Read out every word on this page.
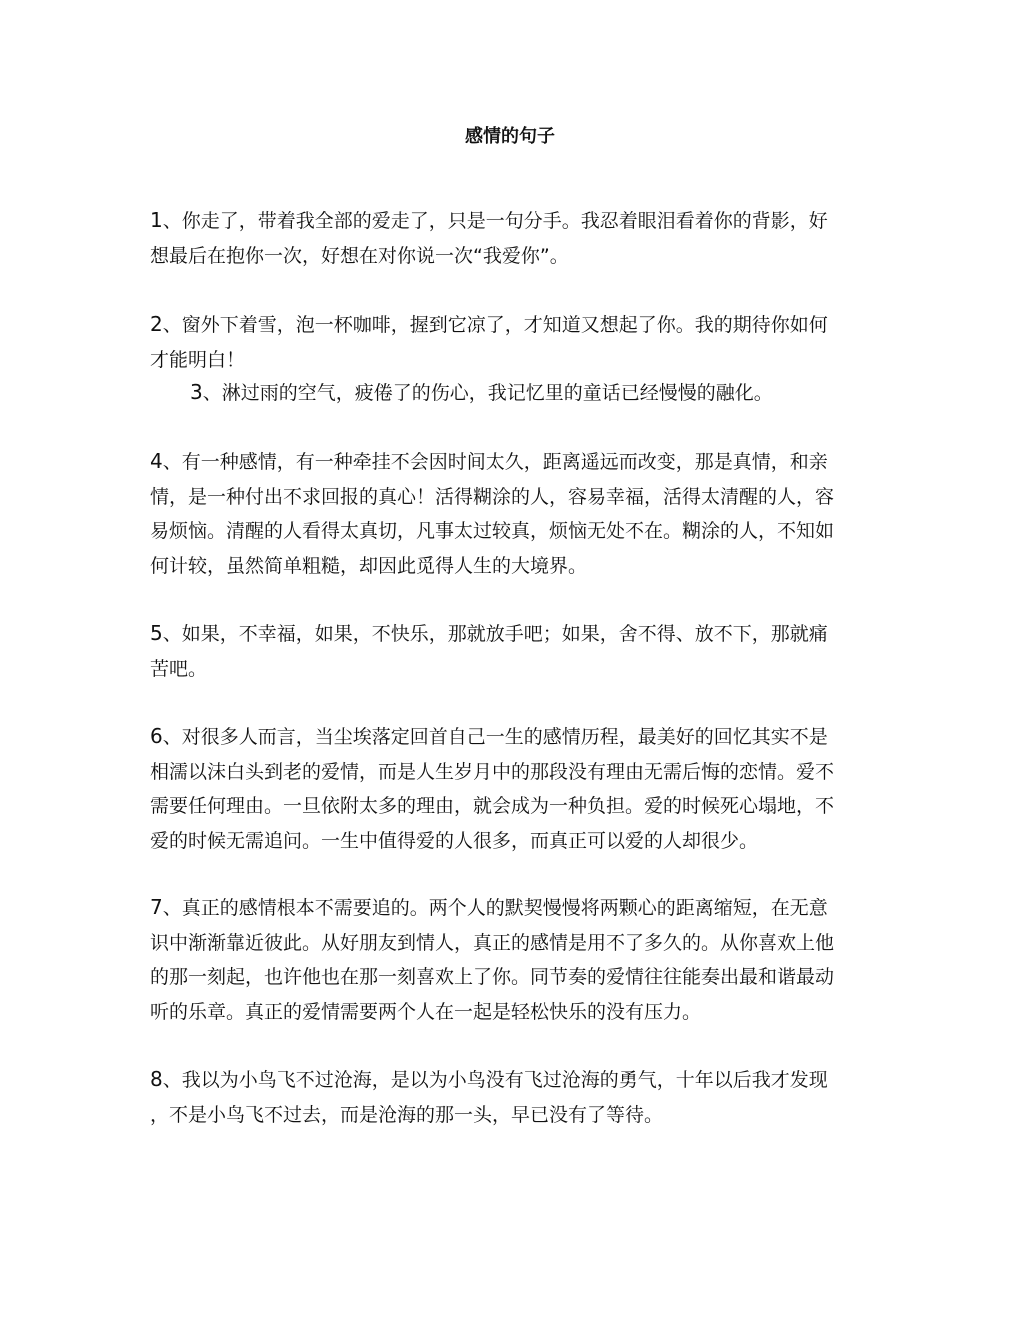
感情的句子

1、你走了，带着我全部的爱走了，只是一句分手。我忍着眼泪看着你的背影，好
想最后在抱你一次，好想在对你说一次“我爱你”。

2、窗外下着雪，泡一杯咖啡，握到它凉了，才知道又想起了你。我的期待你如何
才能明白！

3、淋过雨的空气，疲倦了的伤心，我记忆里的童话已经慢慢的融化。

4、有一种感情，有一种牵挂不会因时间太久，距离遥远而改变，那是真情，和亲
情，是一种付出不求回报的真心！活得糊涂的人，容易幸福，活得太清醒的人，容
易烦恼。清醒的人看得太真切，凡事太过较真，烦恼无处不在。糊涂的人，不知如
何计较，虽然简单粗糙，却因此觅得人生的大境界。

5、如果，不幸福，如果，不快乐，那就放手吧；如果，舍不得、放不下，那就痛
苦吧。

6、对很多人而言，当尘埃落定回首自己一生的感情历程，最美好的回忆其实不是
相濡以沫白头到老的爱情，而是人生岁月中的那段没有理由无需后悔的恋情。爱不
需要任何理由。一旦依附太多的理由，就会成为一种负担。爱的时候死心塌地，不
爱的时候无需追问。一生中值得爱的人很多，而真正可以爱的人却很少。

7、真正的感情根本不需要追的。两个人的默契慢慢将两颗心的距离缩短，在无意
识中渐渐靠近彼此。从好朋友到情人，真正的感情是用不了多久的。从你喜欢上他
的那一刻起，也许他也在那一刻喜欢上了你。同节奏的爱情往往能奏出最和谐最动
听的乐章。真正的爱情需要两个人在一起是轻松快乐的没有压力。

8、我以为小鸟飞不过沧海，是以为小鸟没有飞过沧海的勇气，十年以后我才发现
，不是小鸟飞不过去，而是沧海的那一头，早已没有了等待。
